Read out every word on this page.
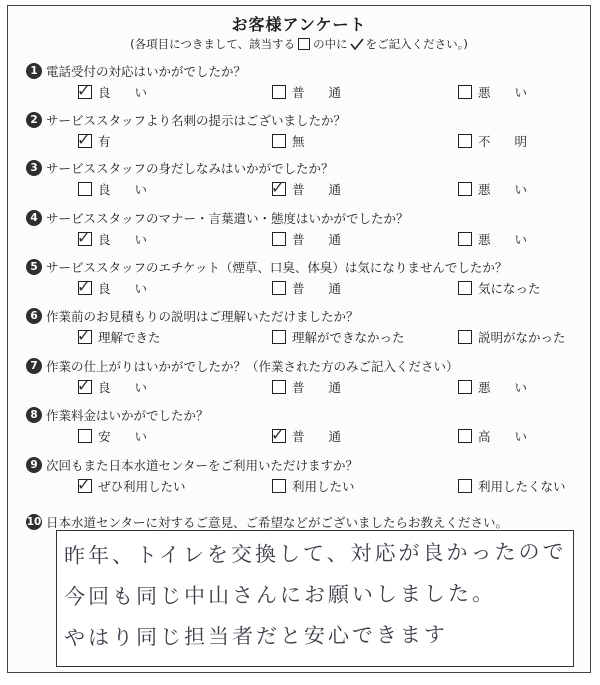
お客様アンケート
(各項目につきまして、該当する の中に をご記入ください。)
1 電話受付の対応はいかがでしたか？
✓ 良い	普通	悪い
2 サービススタッフより名刺の提示はございましたか？
✓ 有	無	不明
3 サービススタッフの身だしなみはいかがでしたか？
良い	✓ 普通	悪い
4 サービススタッフのマナー・言葉遣い・態度はいかがでしたか？
✓ 良い	普通	悪い
5 サービススタッフのエチケット（煙草、口臭、体臭）は気になりませんでしたか？
✓ 良い	普通	気になった
6 作業前のお見積もりの説明はご理解いただけましたか？
✓ 理解できた	理解ができなかった	説明がなかった
7 作業の仕上がりはいかがでしたか？（作業された方のみご記入ください）
✓ 良い	普通	悪い
8 作業料金はいかがでしたか？
安い	✓ 普通	高い
9 次回もまた日本水道センターをご利用いただけますか？
✓ ぜひ利用したい	利用したい	利用したくない
10 日本水道センターに対するご意見、ご希望などがございましたらお教えください。
昨年、トイレを交換して、対応が良かったので
今回も同じ中山さんにお願いしました。
やはり同じ担当者だと安心できます
